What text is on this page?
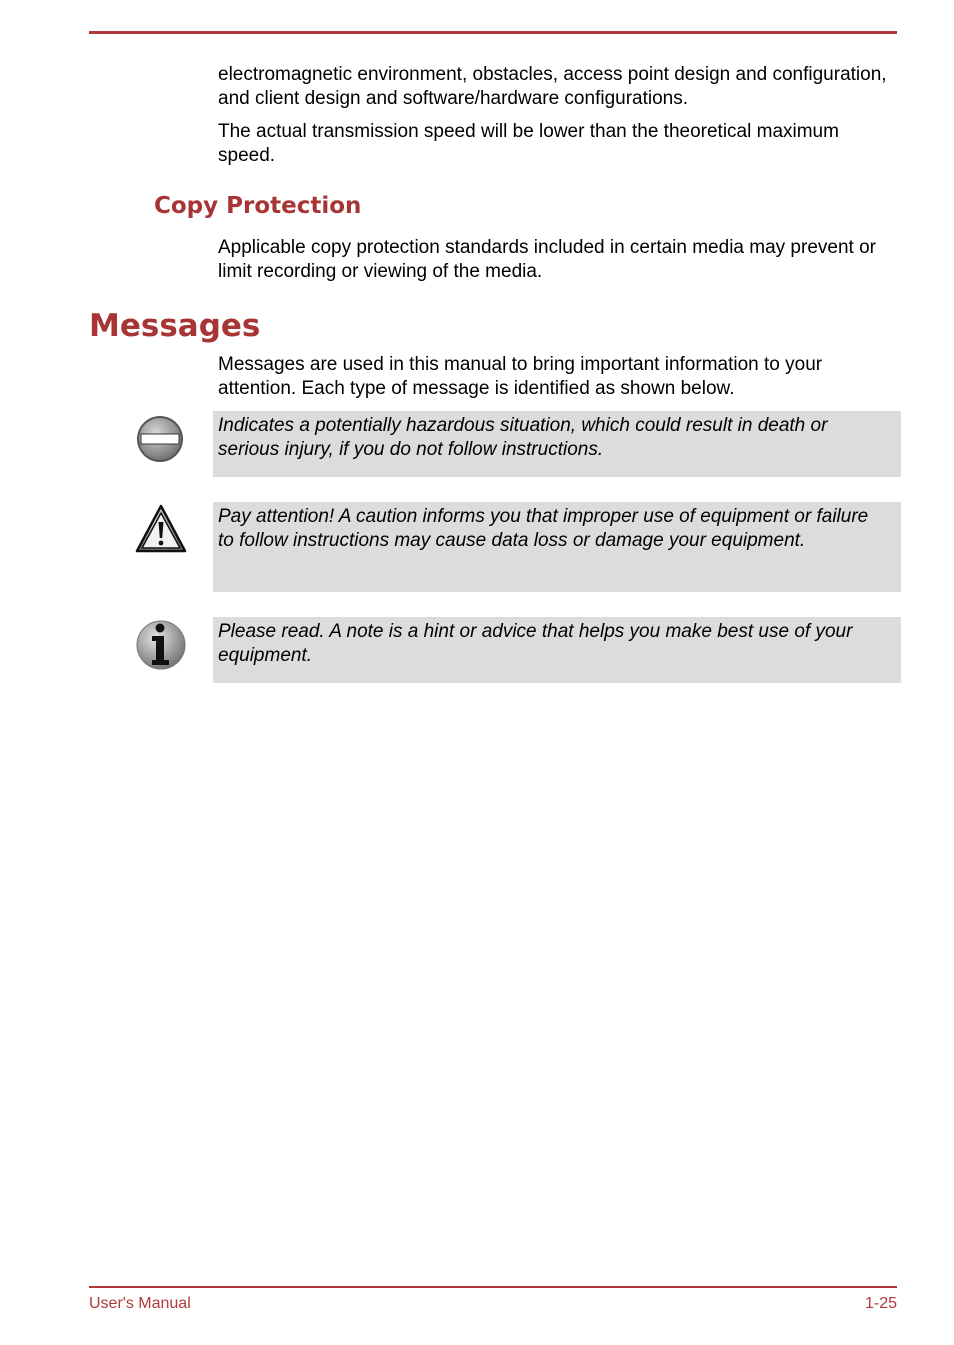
electromagnetic environment, obstacles, access point design and configuration, and client design and software/hardware configurations.

The actual transmission speed will be lower than the theoretical maximum speed.

Copy Protection

Applicable copy protection standards included in certain media may prevent or limit recording or viewing of the media.

Messages

Messages are used in this manual to bring important information to your attention. Each type of message is identified as shown below.

Indicates a potentially hazardous situation, which could result in death or serious injury, if you do not follow instructions.

Pay attention! A caution informs you that improper use of equipment or failure to follow instructions may cause data loss or damage your equipment.

Please read. A note is a hint or advice that helps you make best use of your equipment.

User's Manual	1-25
